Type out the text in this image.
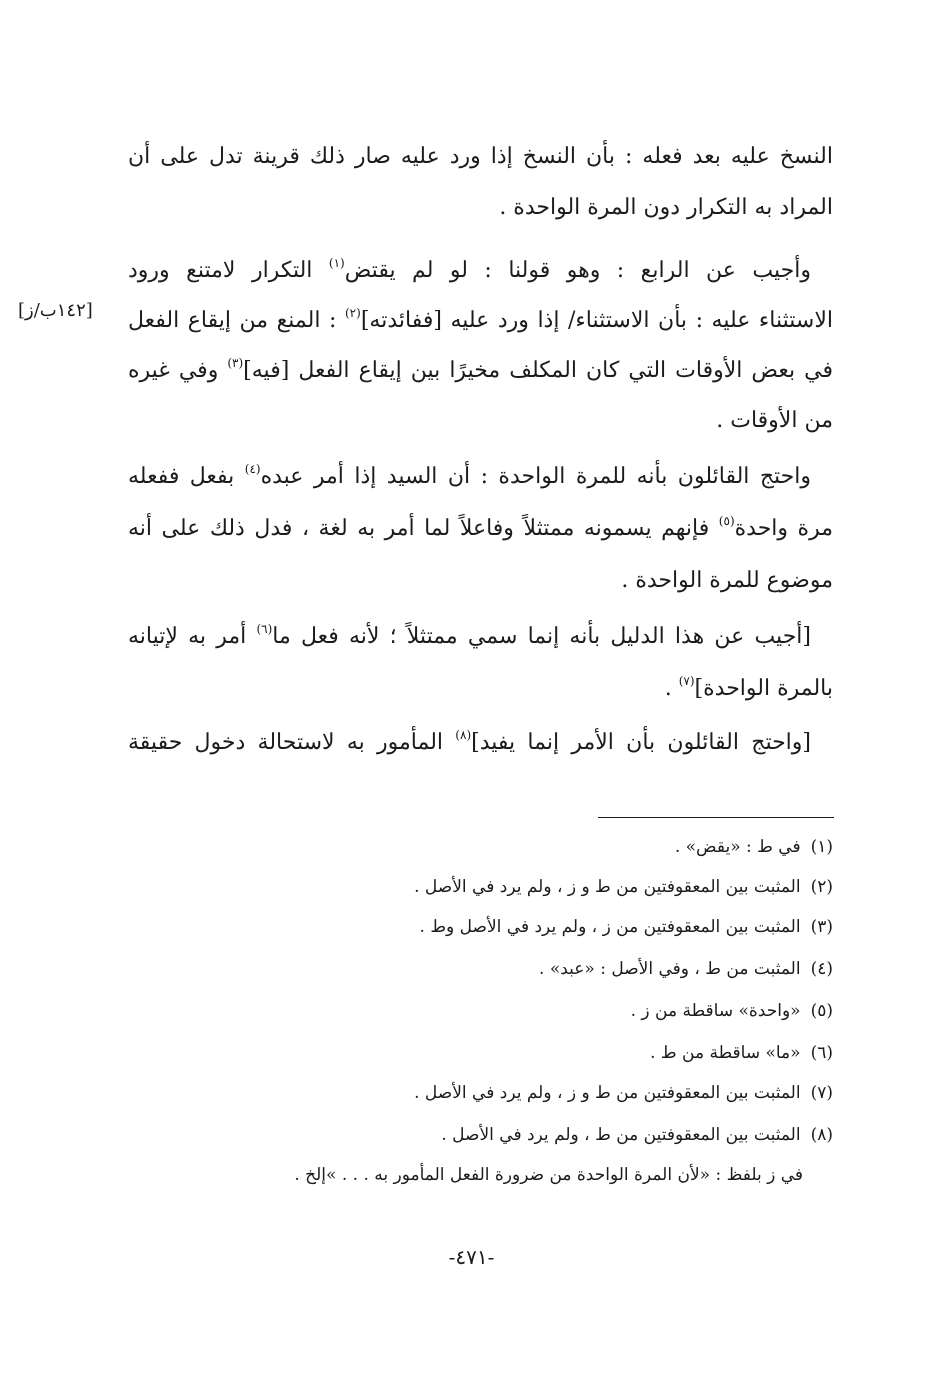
النسخ عليه بعد فعله : بأن النسخ إذا ورد عليه صار ذلك قرينة تدل على أن
المراد به التكرار دون المرة الواحدة .
وأجيب عن الرابع : وهو قولنا : لو لم يقتض$^{(١)}$ التكرار لامتنع ورود
الاستثناء عليه : بأن الاستثناء/ إذا ورد عليه [ففائدته]$^{(٢)}$ : المنع من إيقاع الفعل
في بعض الأوقات التي كان المكلف مخيرًا بين إيقاع الفعل [فيه]$^{(٣)}$ وفي غيره
من الأوقات .
واحتج القائلون بأنه للمرة الواحدة : أن السيد إذا أمر عبده$^{(٤)}$ بفعل ففعله
مرة واحدة$^{(٥)}$ فإنهم يسمونه ممتثلاً وفاعلاً لما أمر به لغة ، فدل ذلك على أنه
موضوع للمرة الواحدة .
[أجيب عن هذا الدليل بأنه إنما سمي ممتثلاً ؛ لأنه فعل ما$^{(٦)}$ أمر به لإتيانه
بالمرة الواحدة]$^{(٧)}$ .
[واحتج القائلون بأن الأمر إنما يفيد]$^{(٨)}$ المأمور به لاستحالة دخول حقيقة
[١٤٢ب/ز]
(١)في ط : «يقض» .
(٢)المثبت بين المعقوفتين من ط و ز ، ولم يرد في الأصل .
(٣)المثبت بين المعقوفتين من ز ، ولم يرد في الأصل وط .
(٤)المثبت من ط ، وفي الأصل : «عبد» .
(٥)«واحدة» ساقطة من ز .
(٦)«ما» ساقطة من ط .
(٧)المثبت بين المعقوفتين من ط و ز ، ولم يرد في الأصل .
(٨)المثبت بين المعقوفتين من ط ، ولم يرد في الأصل .
في ز بلفظ : «لأن المرة الواحدة من ضرورة الفعل المأمور به . . . »إلخ .
-٤٧١-
